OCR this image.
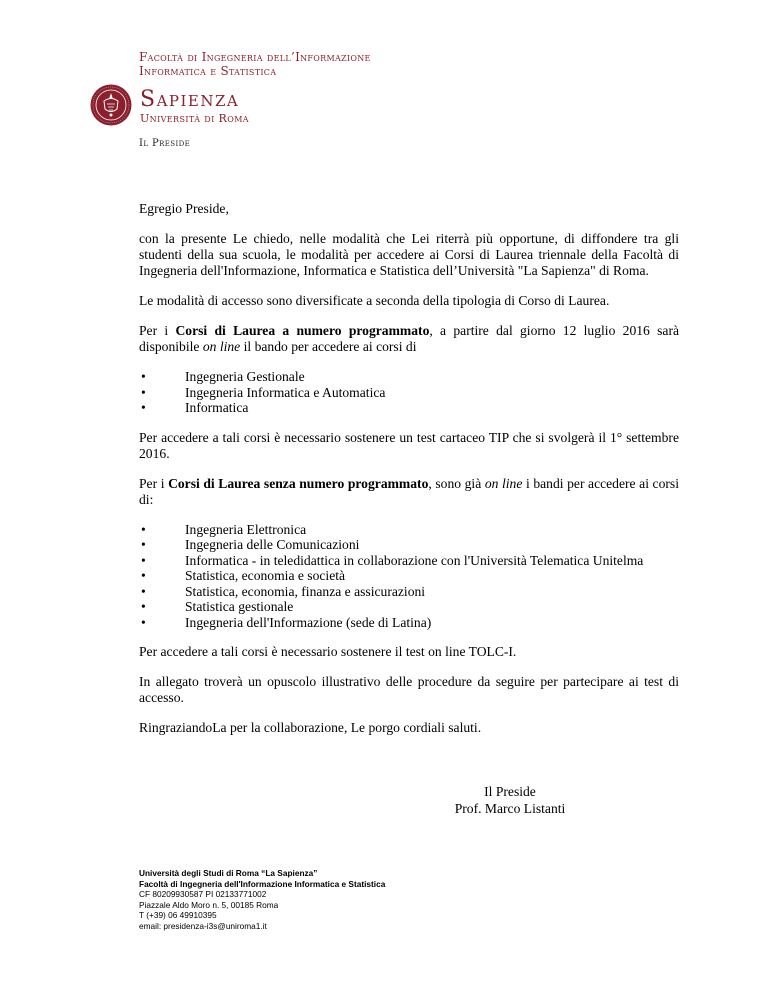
Facoltà di Ingegneria dell’Informazione
Informatica e Statistica
Sapienza
Università di Roma
Il Preside

Egregio Preside,

con la presente Le chiedo, nelle modalità che Lei riterrà più opportune, di diffondere tra gli studenti della sua scuola, le modalità per accedere ai Corsi di Laurea triennale della Facoltà di Ingegneria dell'Informazione, Informatica e Statistica dell’Università "La Sapienza" di Roma.

Le modalità di accesso sono diversificate a seconda della tipologia di Corso di Laurea.

Per i Corsi di Laurea a numero programmato, a partire dal giorno 12 luglio 2016 sarà disponibile on line il bando per accedere ai corsi di

• Ingegneria Gestionale
• Ingegneria Informatica e Automatica
• Informatica

Per accedere a tali corsi è necessario sostenere un test cartaceo TIP che si svolgerà il 1° settembre 2016.

Per i Corsi di Laurea senza numero programmato, sono già on line i bandi per accedere ai corsi di:

• Ingegneria Elettronica
• Ingegneria delle Comunicazioni
• Informatica - in teledidattica in collaborazione con l'Università Telematica Unitelma
• Statistica, economia e società
• Statistica, economia, finanza e assicurazioni
• Statistica gestionale
• Ingegneria dell'Informazione (sede di Latina)

Per accedere a tali corsi è necessario sostenere il test on line TOLC-I.

In allegato troverà un opuscolo illustrativo delle procedure da seguire per partecipare ai test di accesso.

RingraziandoLa per la collaborazione, Le porgo cordiali saluti.

Il Preside
Prof. Marco Listanti
Università degli Studi di Roma “La Sapienza”
Facoltà di Ingegneria dell'Informazione Informatica e Statistica
CF 80209930587 PI 02133771002
Piazzale Aldo Moro n. 5, 00185 Roma
T (+39) 06 49910395
email: presidenza-i3s@uniroma1.it
